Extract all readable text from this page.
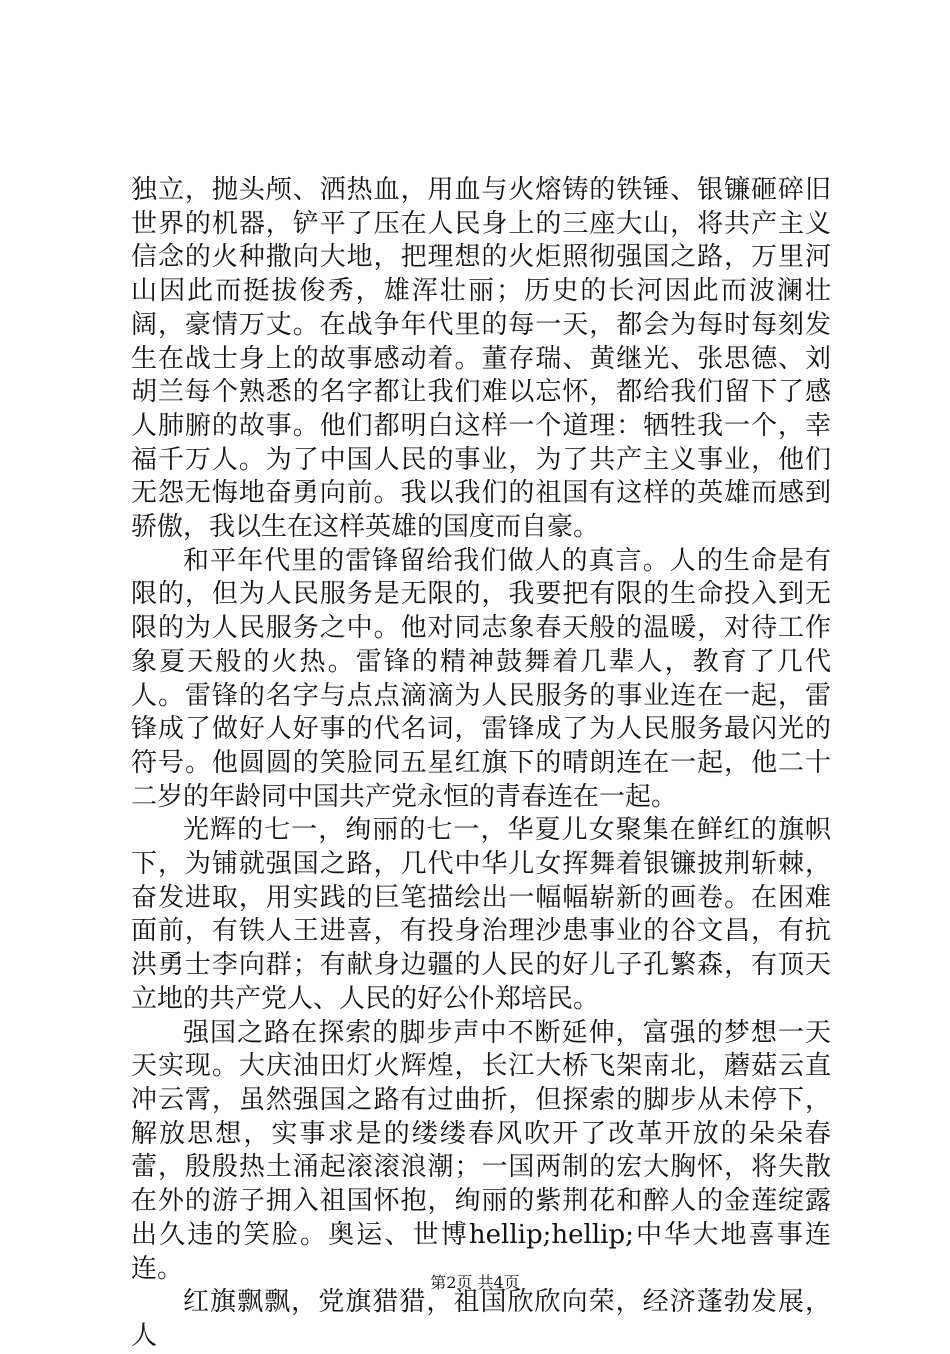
独立，抛头颅、洒热血，用血与火熔铸的铁锤、银镰砸碎旧世界的机器，铲平了压在人民身上的三座大山，将共产主义信念的火种撒向大地，把理想的火炬照彻强国之路，万里河山因此而挺拔俊秀，雄浑壮丽；历史的长河因此而波澜壮阔，豪情万丈。在战争年代里的每一天，都会为每时每刻发生在战士身上的故事感动着。董存瑞、黄继光、张思德、刘胡兰每个熟悉的名字都让我们难以忘怀，都给我们留下了感人肺腑的故事。他们都明白这样一个道理：牺牲我一个，幸福千万人。为了中国人民的事业，为了共产主义事业，他们无怨无悔地奋勇向前。我以我们的祖国有这样的英雄而感到骄傲，我以生在这样英雄的国度而自豪。

和平年代里的雷锋留给我们做人的真言。人的生命是有限的，但为人民服务是无限的，我要把有限的生命投入到无限的为人民服务之中。他对同志象春天般的温暖，对待工作象夏天般的火热。雷锋的精神鼓舞着几辈人，教育了几代人。雷锋的名字与点点滴滴为人民服务的事业连在一起，雷锋成了做好人好事的代名词，雷锋成了为人民服务最闪光的符号。他圆圆的笑脸同五星红旗下的晴朗连在一起，他二十二岁的年龄同中国共产党永恒的青春连在一起。

光辉的七一，绚丽的七一，华夏儿女聚集在鲜红的旗帜下，为铺就强国之路，几代中华儿女挥舞着银镰披荆斩棘，奋发进取，用实践的巨笔描绘出一幅幅崭新的画卷。在困难面前，有铁人王进喜，有投身治理沙患事业的谷文昌，有抗洪勇士李向群；有献身边疆的人民的好儿子孔繁森，有顶天立地的共产党人、人民的好公仆郑培民。

强国之路在探索的脚步声中不断延伸，富强的梦想一天天实现。大庆油田灯火辉煌，长江大桥飞架南北，蘑菇云直冲云霄，虽然强国之路有过曲折，但探索的脚步从未停下，解放思想，实事求是的缕缕春风吹开了改革开放的朵朵春蕾，殷殷热土涌起滚滚浪潮；一国两制的宏大胸怀，将失散在外的游子拥入祖国怀抱，绚丽的紫荆花和醉人的金莲绽露出久违的笑脸。奥运、世博hellip;hellip;中华大地喜事连连。

红旗飘飘，党旗猎猎，祖国欣欣向荣，经济蓬勃发展，人

第2页 共4页
